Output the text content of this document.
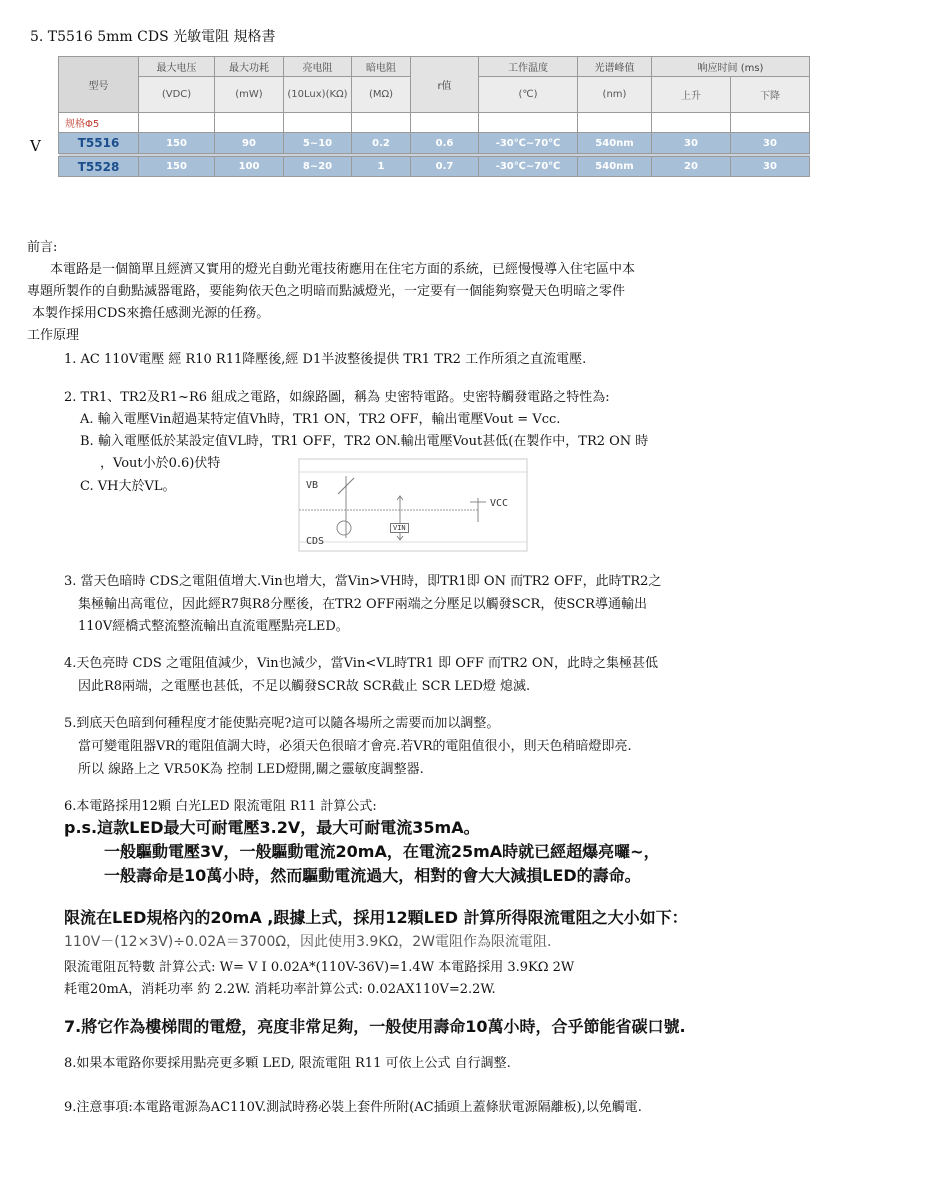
5. T5516 5mm CDS 光敏電阻 規格書
V
型号	最大电压	最大功耗	亮电阻	暗电阻	r值	工作温度	光谱峰值	响应时间 (ms)	
	(VDC)	(mW)	(10Lux)(KΩ)	(MΩ)		(℃)	(nm)	上升	下降
规格Φ5									
T5516	150	90	5~10	0.2	0.6	-30℃~70℃	540nm	30	30

T5528	150	100	8~20	1	0.7	-30℃~70℃	540nm	20	30
前言:
本電路是一個簡單且經濟又實用的燈光自動光電技術應用在住宅方面的系統，已經慢慢導入住宅區中本
專題所製作的自動點滅器電路，要能夠依天色之明暗而點滅燈光，一定要有一個能夠察覺天色明暗之零件
本製作採用CDS來擔任感測光源的任務。
工作原理
1. AC 110V電壓 經 R10 R11降壓後,經 D1半波整後提供 TR1 TR2 工作所須之直流電壓.
2. TR1、TR2及R1~R6 組成之電路，如線路圖，稱為 史密特電路。史密特觸發電路之特性為:
A. 輸入電壓Vin超過某特定值Vh時，TR1 ON，TR2 OFF，輸出電壓Vout = Vcc.
B. 輸入電壓低於某設定值VL時，TR1 OFF，TR2 ON.輸出電壓Vout甚低(在製作中，TR2 ON 時
，Vout小於0.6)伏特
C. VH大於VL。	VB
VCC
VIN
CDS
3. 當天色暗時 CDS之電阻值增大.Vin也增大，當Vin>VH時，即TR1即 ON 而TR2 OFF，此時TR2之
集極輸出高電位，因此經R7與R8分壓後，在TR2 OFF兩端之分壓足以觸發SCR，使SCR導通輸出
110V經橋式整流整流輸出直流電壓點亮LED。
4.天色亮時 CDS 之電阻值減少，Vin也減少，當Vin<VL時TR1 即 OFF 而TR2 ON，此時之集極甚低
因此R8兩端，之電壓也甚低，不足以觸發SCR故 SCR截止 SCR LED燈 熄滅.
5.到底天色暗到何種程度才能使點亮呢?這可以隨各場所之需要而加以調整。
當可變電阻器VR的電阻值調大時，必須天色很暗才會亮.若VR的電阻值很小，則天色稍暗燈即亮.
所以 線路上之 VR50K為 控制 LED燈開,關之靈敏度調整器.
6.本電路採用12顆 白光LED 限流電阻 R11 計算公式:
p.s.這款LED最大可耐電壓3.2V，最大可耐電流35mA。
一般驅動電壓3V，一般驅動電流20mA，在電流25mA時就已經超爆亮囉~，
一般壽命是10萬小時，然而驅動電流過大，相對的會大大減損LED的壽命。
限流在LED規格內的20mA ,跟據上式，採用12顆LED 計算所得限流電阻之大小如下：
110V－(12×3V)÷0.02A＝3700Ω，因此使用3.9KΩ，2W電阻作為限流電阻.
限流電阻瓦特數 計算公式: W= V I 0.02A*(110V-36V)=1.4W 本電路採用 3.9KΩ 2W
耗電20mA，消耗功率 約 2.2W. 消耗功率計算公式: 0.02AX110V=2.2W.
7.將它作為樓梯間的電燈，亮度非常足夠，一般使用壽命10萬小時，合乎節能省碳口號.
8.如果本電路你要採用點亮更多顆 LED, 限流電阻 R11 可依上公式 自行調整.
9.注意事項:本電路電源為AC110V.測試時務必裝上套件所附(AC插頭上蓋條狀電源隔離板),以免觸電.
